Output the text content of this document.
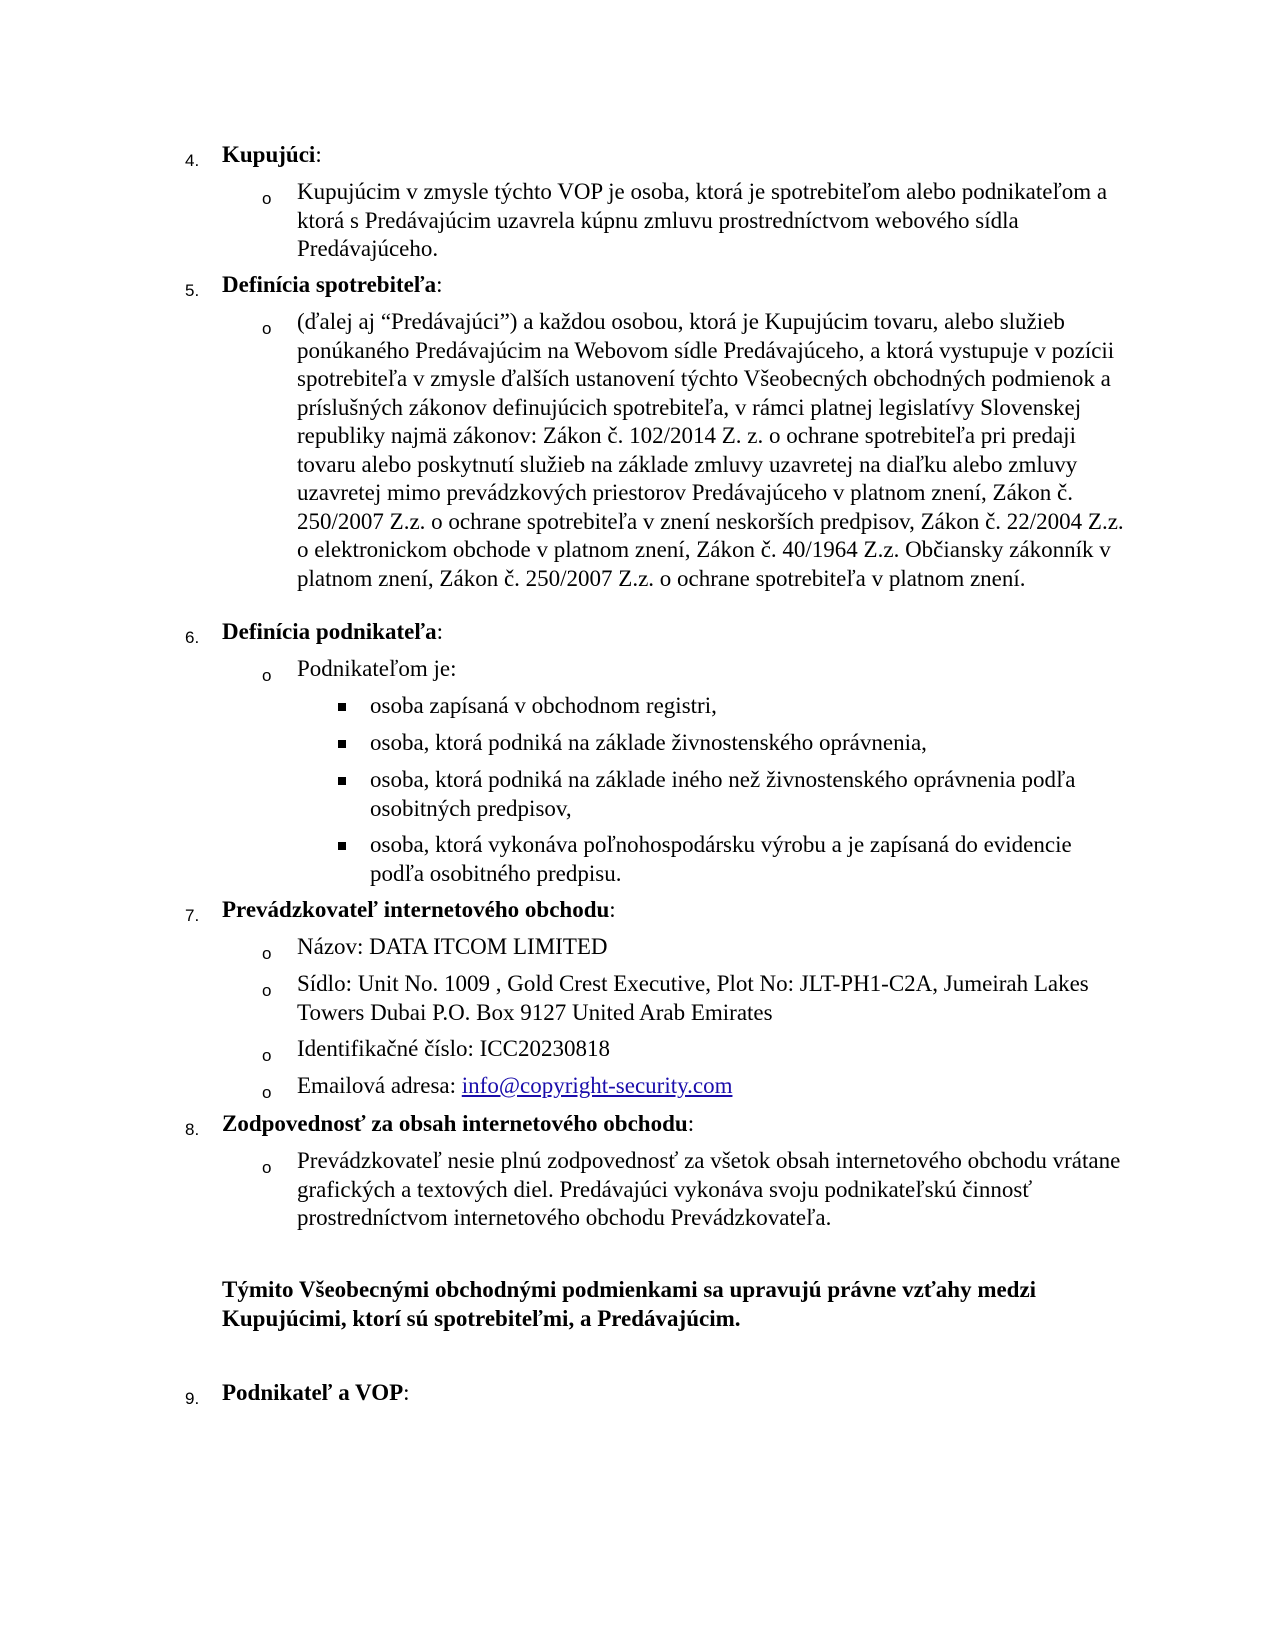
4. Kupujúci:
o Kupujúcim v zmysle týchto VOP je osoba, ktorá je spotrebiteľom alebo podnikateľom a ktorá s Predávajúcim uzavrela kúpnu zmluvu prostredníctvom webového sídla Predávajúceho.
5. Definícia spotrebiteľa:
o (ďalej aj “Predávajúci”) a každou osobou, ktorá je Kupujúcim tovaru, alebo služieb ponúkaného Predávajúcim na Webovom sídle Predávajúceho, a ktorá vystupuje v pozícii spotrebiteľa v zmysle ďalších ustanovení týchto Všeobecných obchodných podmienok a príslušných zákonov definujúcich spotrebiteľa, v rámci platnej legislatívy Slovenskej republiky najmä zákonov: Zákon č. 102/2014 Z. z. o ochrane spotrebiteľa pri predaji tovaru alebo poskytnutí služieb na základe zmluvy uzavretej na diaľku alebo zmluvy uzavretej mimo prevádzkových priestorov Predávajúceho v platnom znení, Zákon č. 250/2007 Z.z. o ochrane spotrebiteľa v znení neskorších predpisov, Zákon č. 22/2004 Z.z. o elektronickom obchode v platnom znení, Zákon č. 40/1964 Z.z. Občiansky zákonník v platnom znení, Zákon č. 250/2007 Z.z. o ochrane spotrebiteľa v platnom znení.
6. Definícia podnikateľa:
o Podnikateľom je:
osoba zapísaná v obchodnom registri,
osoba, ktorá podniká na základe živnostenského oprávnenia,
osoba, ktorá podniká na základe iného než živnostenského oprávnenia podľa osobitných predpisov,
osoba, ktorá vykonáva poľnohospodársku výrobu a je zapísaná do evidencie podľa osobitného predpisu.
7. Prevádzkovateľ internetového obchodu:
o Názov: DATA ITCOM LIMITED
o Sídlo: Unit No. 1009 , Gold Crest Executive, Plot No: JLT-PH1-C2A, Jumeirah Lakes Towers Dubai P.O. Box 9127 United Arab Emirates
o Identifikačné číslo: ICC20230818
o Emailová adresa: info@copyright-security.com
8. Zodpovednosť za obsah internetového obchodu:
o Prevádzkovateľ nesie plnú zodpovednosť za všetok obsah internetového obchodu vrátane grafických a textových diel. Predávajúci vykonáva svoju podnikateľskú činnosť prostredníctvom internetového obchodu Prevádzkovateľa.
Týmito Všeobecnými obchodnými podmienkami sa upravujú právne vzťahy medzi Kupujúcimi, ktorí sú spotrebiteľmi, a Predávajúcim.
9. Podnikateľ a VOP:
